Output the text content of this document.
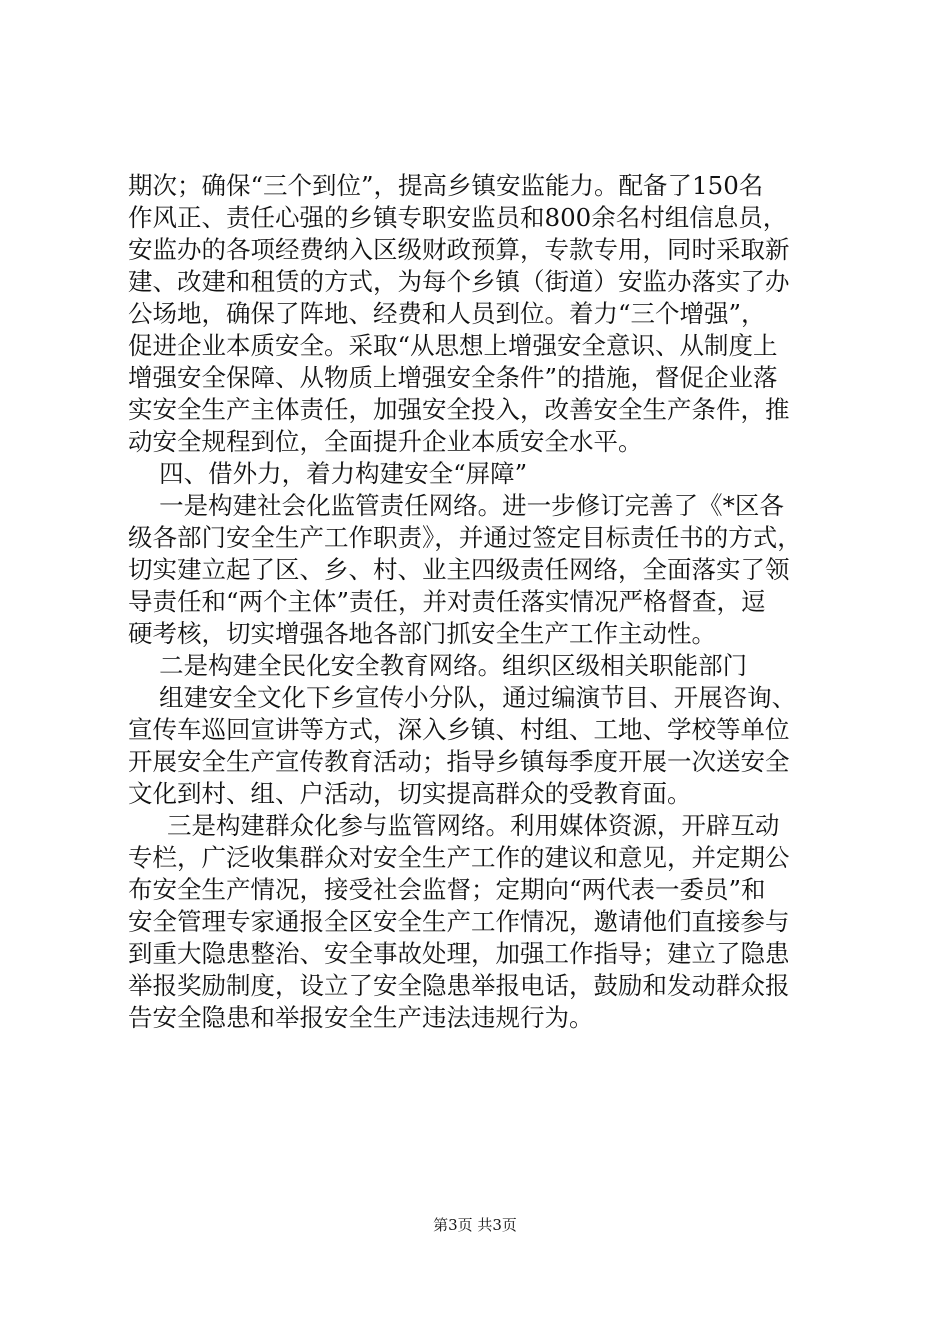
期次；确保“三个到位”，提高乡镇安监能力。配备了150名
作风正、责任心强的乡镇专职安监员和800余名村组信息员，
安监办的各项经费纳入区级财政预算，专款专用，同时采取新
建、改建和租赁的方式，为每个乡镇（街道）安监办落实了办
公场地，确保了阵地、经费和人员到位。着力“三个增强”，
促进企业本质安全。采取“从思想上增强安全意识、从制度上
增强安全保障、从物质上增强安全条件”的措施，督促企业落
实安全生产主体责任，加强安全投入，改善安全生产条件，推
动安全规程到位，全面提升企业本质安全水平。
四、借外力，着力构建安全“屏障”
一是构建社会化监管责任网络。进一步修订完善了《*区各
级各部门安全生产工作职责》，并通过签定目标责任书的方式，
切实建立起了区、乡、村、业主四级责任网络，全面落实了领
导责任和“两个主体”责任，并对责任落实情况严格督查，逗
硬考核，切实增强各地各部门抓安全生产工作主动性。
二是构建全民化安全教育网络。组织区级相关职能部门
组建安全文化下乡宣传小分队，通过编演节目、开展咨询、
宣传车巡回宣讲等方式，深入乡镇、村组、工地、学校等单位
开展安全生产宣传教育活动；指导乡镇每季度开展一次送安全
文化到村、组、户活动，切实提高群众的受教育面。
三是构建群众化参与监管网络。利用媒体资源，开辟互动
专栏，广泛收集群众对安全生产工作的建议和意见，并定期公
布安全生产情况，接受社会监督；定期向“两代表一委员”和
安全管理专家通报全区安全生产工作情况，邀请他们直接参与
到重大隐患整治、安全事故处理，加强工作指导；建立了隐患
举报奖励制度，设立了安全隐患举报电话，鼓励和发动群众报
告安全隐患和举报安全生产违法违规行为。
第3页 共3页
